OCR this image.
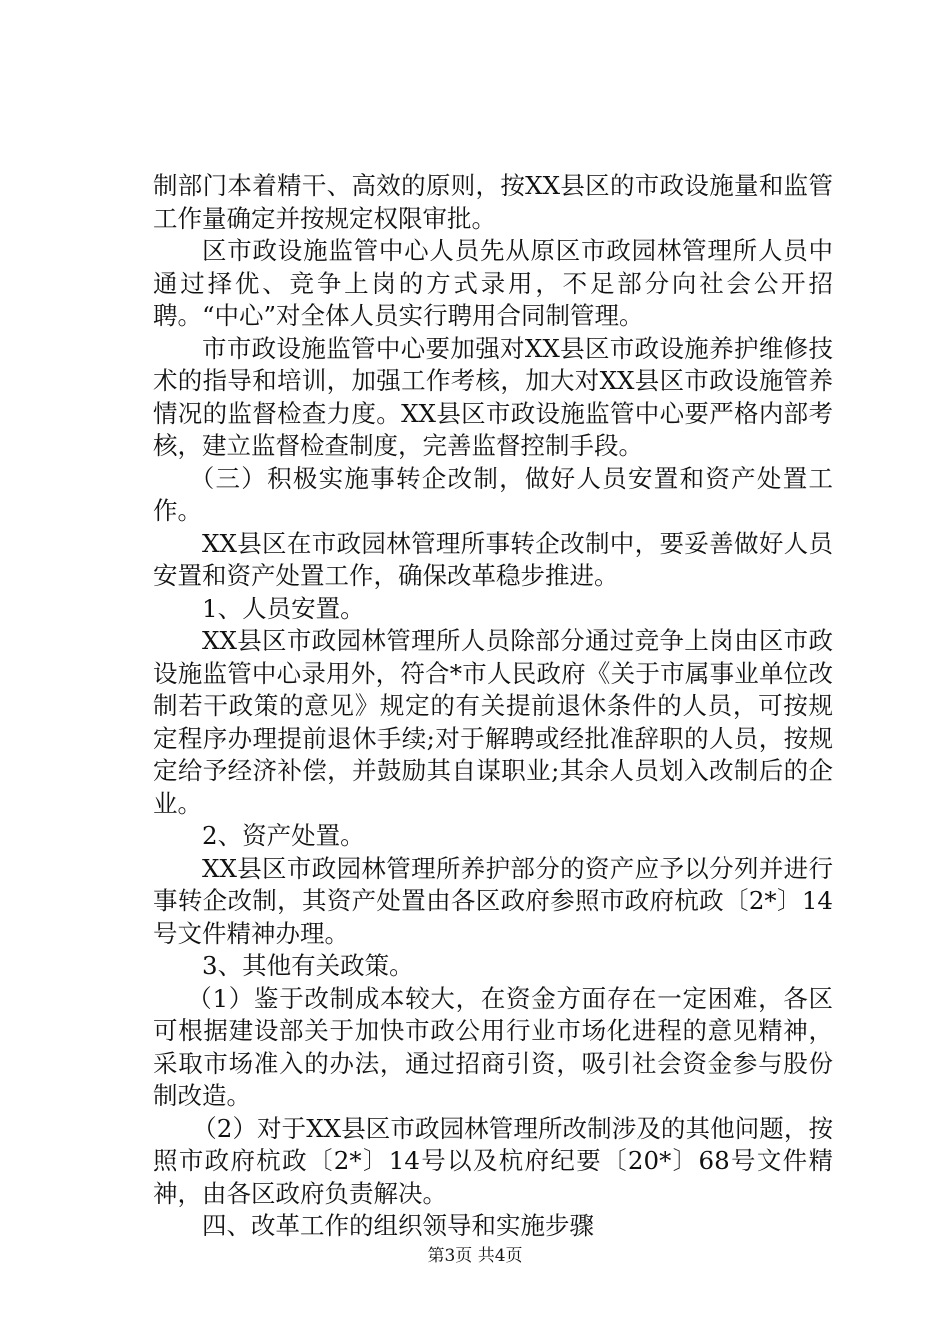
制部门本着精干、高效的原则，按XX县区的市政设施量和监管工作量确定并按规定权限审批。

区市政设施监管中心人员先从原区市政园林管理所人员中通过择优、竞争上岗的方式录用，不足部分向社会公开招聘。“中心”对全体人员实行聘用合同制管理。

市市政设施监管中心要加强对XX县区市政设施养护维修技术的指导和培训，加强工作考核，加大对XX县区市政设施管养情况的监督检查力度。XX县区市政设施监管中心要严格内部考核，建立监督检查制度，完善监督控制手段。

（三）积极实施事转企改制，做好人员安置和资产处置工作。

XX县区在市政园林管理所事转企改制中，要妥善做好人员安置和资产处置工作，确保改革稳步推进。

1、人员安置。

XX县区市政园林管理所人员除部分通过竞争上岗由区市政设施监管中心录用外，符合*市人民政府《关于市属事业单位改制若干政策的意见》规定的有关提前退休条件的人员，可按规定程序办理提前退休手续;对于解聘或经批准辞职的人员，按规定给予经济补偿，并鼓励其自谋职业;其余人员划入改制后的企业。

2、资产处置。

XX县区市政园林管理所养护部分的资产应予以分列并进行事转企改制，其资产处置由各区政府参照市政府杭政〔2*〕14号文件精神办理。

3、其他有关政策。

（1）鉴于改制成本较大，在资金方面存在一定困难，各区可根据建设部关于加快市政公用行业市场化进程的意见精神，采取市场准入的办法，通过招商引资，吸引社会资金参与股份制改造。

（2）对于XX县区市政园林管理所改制涉及的其他问题，按照市政府杭政〔2*〕14号以及杭府纪要〔20*〕68号文件精神，由各区政府负责解决。

四、改革工作的组织领导和实施步骤

第3页 共4页
